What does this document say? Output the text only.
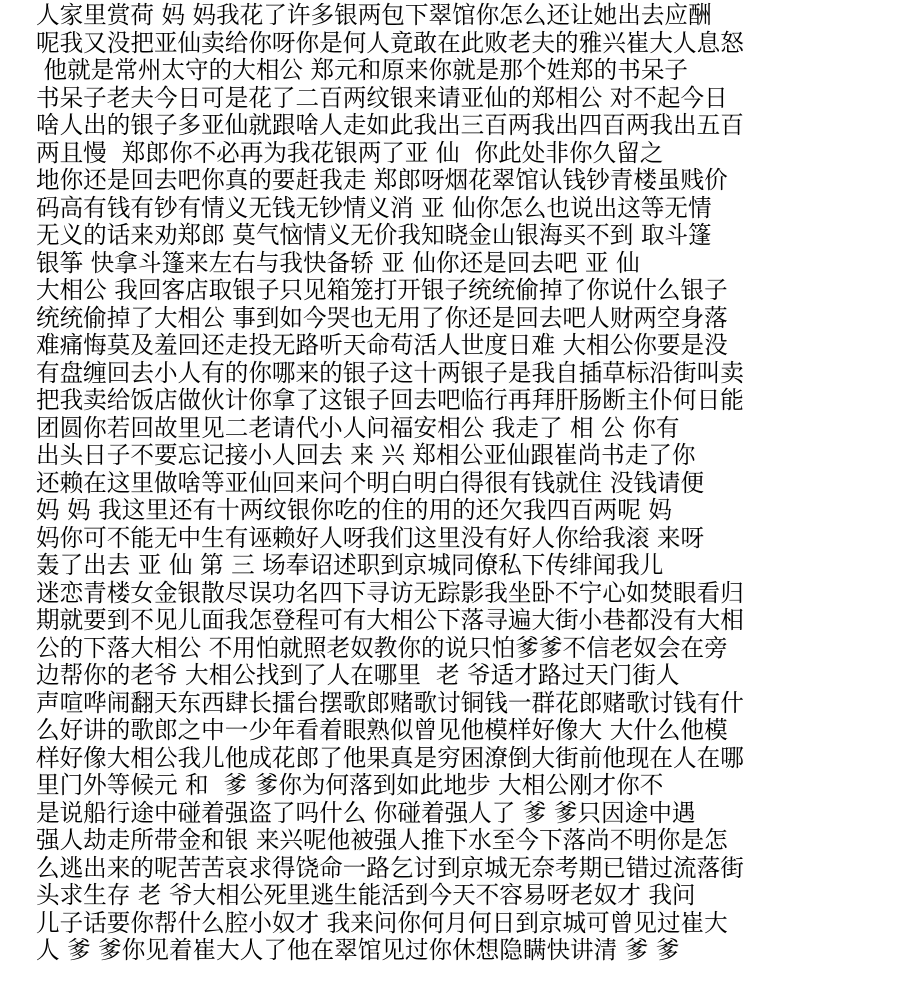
人家里赏荷 妈 妈我花了许多银两包下翠馆你怎么还让她出去应酬
呢我又没把亚仙卖给你呀你是何人竟敢在此败老夫的雅兴崔大人息怒
他就是常州太守的大相公 郑元和原来你就是那个姓郑的书呆子
书呆子老夫今日可是花了二百两纹银来请亚仙的郑相公 对不起今日
啥人出的银子多亚仙就跟啥人走如此我出三百两我出四百两我出五百
两且慢  郑郎你不必再为我花银两了亚 仙  你此处非你久留之
地你还是回去吧你真的要赶我走 郑郎呀烟花翠馆认钱钞青楼虽贱价
码高有钱有钞有情义无钱无钞情义消 亚 仙你怎么也说出这等无情
无义的话来劝郑郎 莫气恼情义无价我知晓金山银海买不到 取斗篷
银筝 快拿斗篷来左右与我快备轿 亚 仙你还是回去吧 亚 仙
大相公 我回客店取银子只见箱笼打开银子统统偷掉了你说什么银子
统统偷掉了大相公 事到如今哭也无用了你还是回去吧人财两空身落
难痛悔莫及羞回还走投无路听天命苟活人世度日难 大相公你要是没
有盘缠回去小人有的你哪来的银子这十两银子是我自插草标沿街叫卖
把我卖给饭店做伙计你拿了这银子回去吧临行再拜肝肠断主仆何日能
团圆你若回故里见二老请代小人问福安相公 我走了 相 公 你有
出头日子不要忘记接小人回去 来 兴 郑相公亚仙跟崔尚书走了你
还赖在这里做啥等亚仙回来问个明白明白得很有钱就住 没钱请便
妈 妈 我这里还有十两纹银你吃的住的用的还欠我四百两呢 妈
妈你可不能无中生有诬赖好人呀我们这里没有好人你给我滚 来呀
轰了出去 亚 仙 第 三 场奉诏述职到京城同僚私下传绯闻我儿
迷恋青楼女金银散尽误功名四下寻访无踪影我坐卧不宁心如焚眼看归
期就要到不见儿面我怎登程可有大相公下落寻遍大街小巷都没有大相
公的下落大相公 不用怕就照老奴教你的说只怕爹爹不信老奴会在旁
边帮你的老爷 大相公找到了人在哪里  老 爷适才路过天门街人
声喧哗闹翻天东西肆长擂台摆歌郎赌歌讨铜钱一群花郎赌歌讨钱有什
么好讲的歌郎之中一少年看着眼熟似曾见他模样好像大 大什么他模
样好像大相公我儿他成花郎了他果真是穷困潦倒大街前他现在人在哪
里门外等候元 和  爹 爹你为何落到如此地步 大相公刚才你不
是说船行途中碰着强盗了吗什么 你碰着强人了 爹 爹只因途中遇
强人劫走所带金和银 来兴呢他被强人推下水至今下落尚不明你是怎
么逃出来的呢苦苦哀求得饶命一路乞讨到京城无奈考期已错过流落街
头求生存 老 爷大相公死里逃生能活到今天不容易呀老奴才 我问
儿子话要你帮什么腔小奴才 我来问你何月何日到京城可曾见过崔大
人 爹 爹你见着崔大人了他在翠馆见过你休想隐瞒快讲清 爹 爹
